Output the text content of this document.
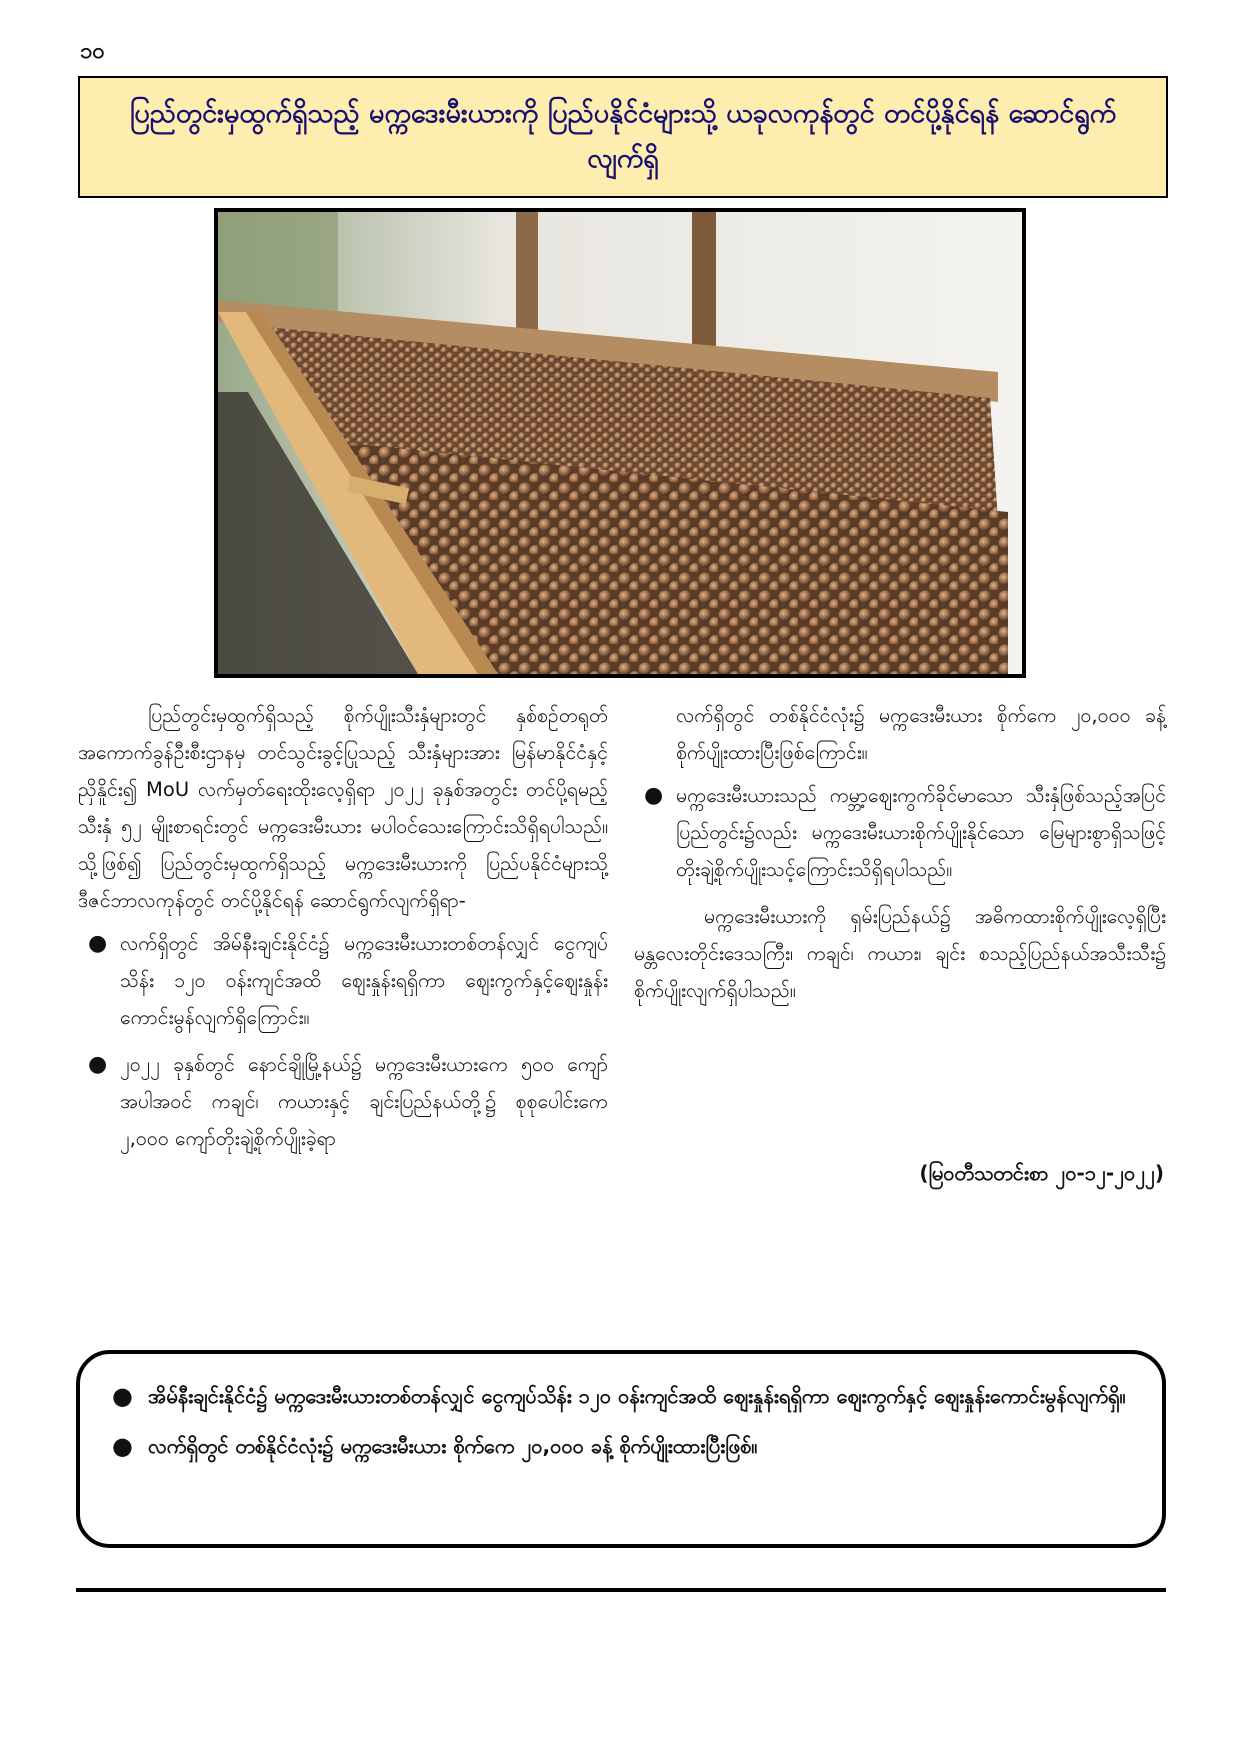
၁၀
ပြည်တွင်းမှထွက်ရှိသည့် မက္ကဒေးမီးယားကို ပြည်ပနိုင်ငံများသို့ ယခုလကုန်တွင် တင်ပို့နိုင်ရန် ဆောင်ရွက်လျက်ရှိ

ပြည်တွင်းမှထွက်ရှိသည့် စိုက်ပျိုးသီးနှံများတွင် နှစ်စဉ်တရုတ်အကောက်ခွန်ဦးစီးဌာနမှ တင်သွင်းခွင့်ပြုသည့် သီးနှံများအား မြန်မာနိုင်ငံနှင့်ညှိနိူင်း၍ MoU လက်မှတ်ရေးထိုးလေ့ရှိရာ ၂၀၂၂ ခုနှစ်အတွင်း တင်ပို့ရမည့်သီးနှံ ၅၂ မျိုးစာရင်းတွင် မက္ကဒေးမီးယား မပါဝင်သေးကြောင်းသိရှိရပါသည်။ သို့ဖြစ်၍ ပြည်တွင်းမှထွက်ရှိသည့် မက္ကဒေးမီးယားကို ပြည်ပနိုင်ငံများသို့ ဒီဇင်ဘာလကုန်တွင် တင်ပို့နိုင်ရန် ဆောင်ရွက်လျက်ရှိရာ-

● လက်ရှိတွင် အိမ်နီးချင်းနိုင်ငံ၌ မက္ကဒေးမီးယားတစ်တန်လျှင် ငွေကျပ် သိန်း ၁၂၀ ဝန်းကျင်အထိ ဈေးနှုန်းရရှိကာ ဈေးကွက်နှင့်ဈေးနှုန်းကောင်းမွန်လျက်ရှိကြောင်း။
● ၂၀၂၂ ခုနှစ်တွင် နောင်ချိုမြို့နယ်၌ မက္ကဒေးမီးယားကေ ၅၀၀ ကျော်အပါအဝင် ကချင်၊ ကယားနှင့် ချင်းပြည်နယ်တို့၌ စုစုပေါင်းကေ ၂,၀၀၀ ကျော်တိုးချဲ့စိုက်ပျိုးခဲ့ရာ

လက်ရှိတွင် တစ်နိုင်ငံလုံး၌ မက္ကဒေးမီးယား စိုက်ကေ ၂၀,၀၀၀ ခန့် စိုက်ပျိုးထားပြီးဖြစ်ကြောင်း။

● မက္ကဒေးမီးယားသည် ကမ္ဘာ့ဈေးကွက်ခိုင်မာသော သီးနှံဖြစ်သည့်အပြင် ပြည်တွင်း၌လည်း မက္ကဒေးမီးယားစိုက်ပျိုးနိုင်သော မြေများစွာရှိသဖြင့် တိုးချဲ့စိုက်ပျိုးသင့်ကြောင်းသိရှိရပါသည်။

မက္ကဒေးမီးယားကို ရှမ်းပြည်နယ်၌ အဓိကထားစိုက်ပျိုးလေ့ရှိပြီး မန္တလေးတိုင်းဒေသကြီး၊ ကချင်၊ ကယား၊ ချင်း စသည့်ပြည်နယ်အသီးသီး၌ စိုက်ပျိုးလျက်ရှိပါသည်။

(မြဝတီသတင်းစာ ၂၀-၁၂-၂၀၂၂)
● အိမ်နီးချင်းနိုင်ငံ၌ မက္ကဒေးမီးယားတစ်တန်လျှင် ငွေကျပ်သိန်း ၁၂၀ ဝန်းကျင်အထိ ဈေးနှုန်းရရှိကာ ဈေးကွက်နှင့် ဈေးနှုန်းကောင်းမွန်လျက်ရှိ။
● လက်ရှိတွင် တစ်နိုင်ငံလုံး၌ မက္ကဒေးမီးယား စိုက်ကေ ၂၀,၀၀၀ ခန့် စိုက်ပျိုးထားပြီးဖြစ်။
